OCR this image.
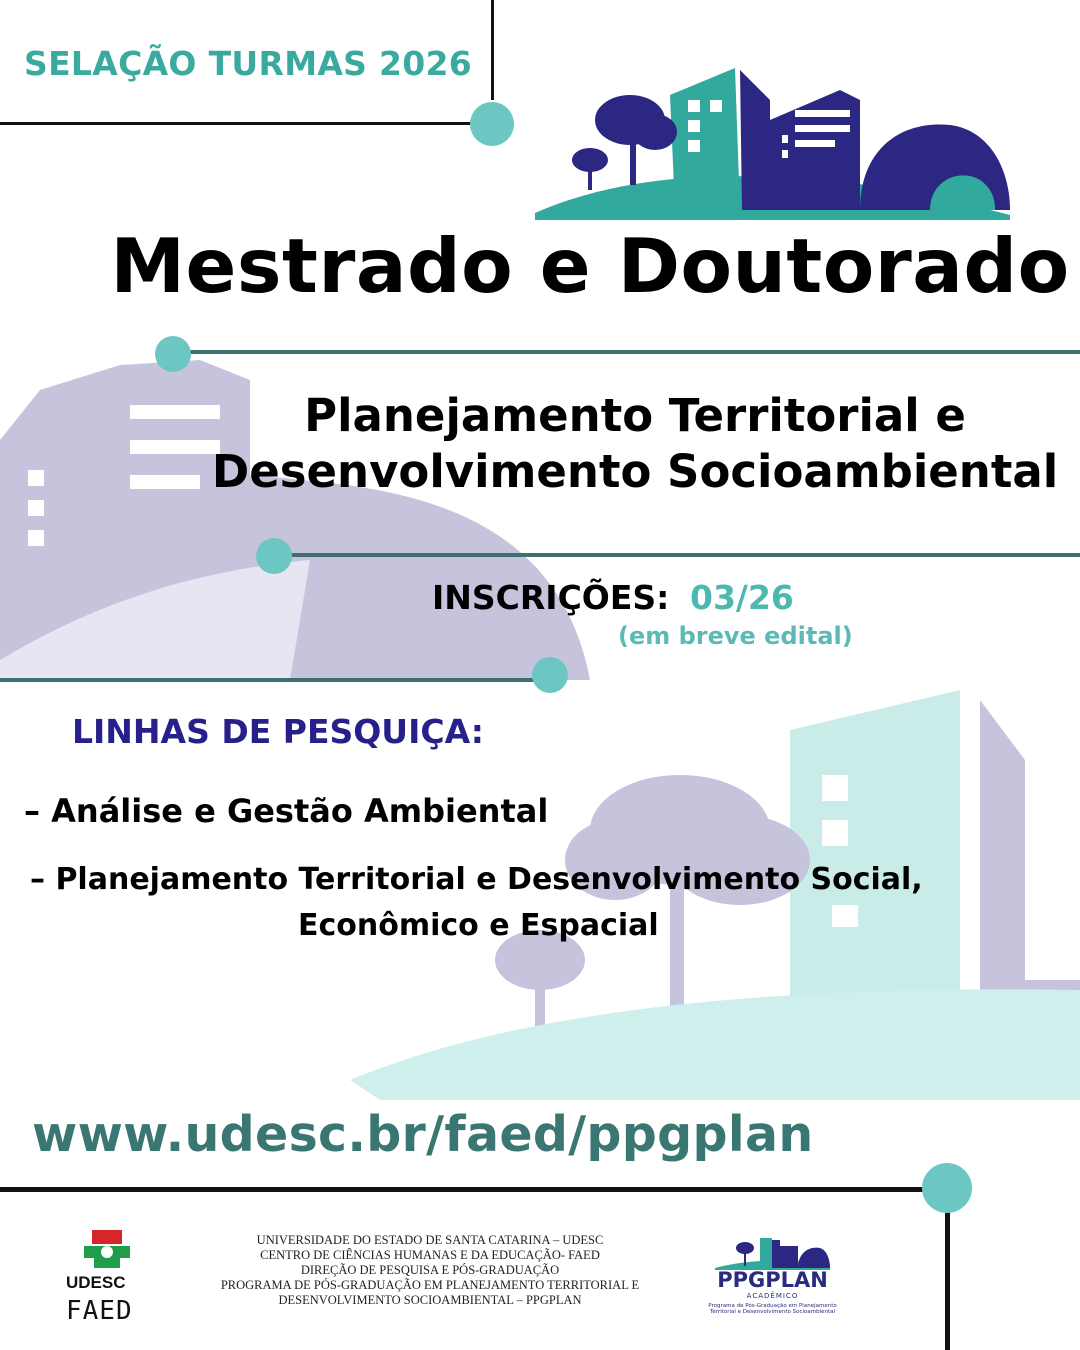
SELAÇÃO TURMAS 2026
Mestrado e Doutorado
Planejamento Territorial e
Desenvolvimento Socioambiental
INSCRIÇÕES: 03/26
(em breve edital)
LINHAS DE PESQUIÇA:
– Análise e Gestão Ambiental
– Planejamento Territorial e Desenvolvimento Social,
Econômico e Espacial
www.udesc.br/faed/ppgplan
UDESC
FAED
UNIVERSIDADE DO ESTADO DE SANTA CATARINA – UDESC
CENTRO DE CIÊNCIAS HUMANAS E DA EDUCAÇÃO- FAED
DIREÇÃO DE PESQUISA E PÓS-GRADUAÇÃO
PROGRAMA DE PÓS-GRADUAÇÃO EM PLANEJAMENTO TERRITORIAL E
DESENVOLVIMENTO SOCIOAMBIENTAL – PPGPLAN
PPGPLAN
ACADÊMICO
Programa de Pós-Graduação em Planejamento Territorial e Desenvolvimento Socioambiental
